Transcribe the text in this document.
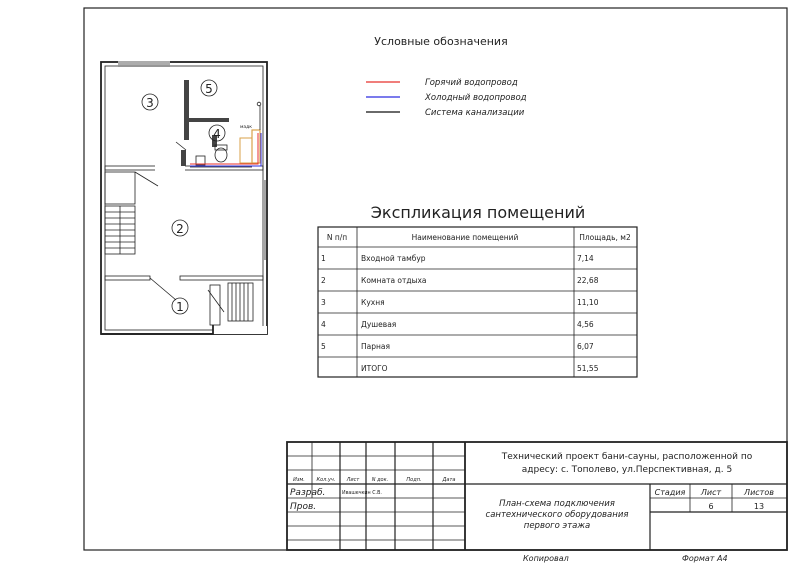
Условные обозначения
Горячий водопровод
Холодный водопровод
Система канализации
мадк
1
2
3
4
5
Экспликация помещений
N п/п	Наименование помещений	Площадь, м2
1	Входной тамбур	7,14
2	Комната отдыха	22,68
3	Кухня	11,10
4	Душевая	4,56
5	Парная	6,07
ИТОГО	51,55
Технический проект бани-сауны, расположенной по
адресу: с. Тополево, ул.Перспективная, д. 5
Изм. Кол.уч. Лист N док.	Подп.	Дата
Разраб.	Ивашечкин С.В.
Пров.	План-схема подключения
сантехнического оборудования
первого этажа
Стадия Лист	Листов
6	13
Копировал	Формат А4
